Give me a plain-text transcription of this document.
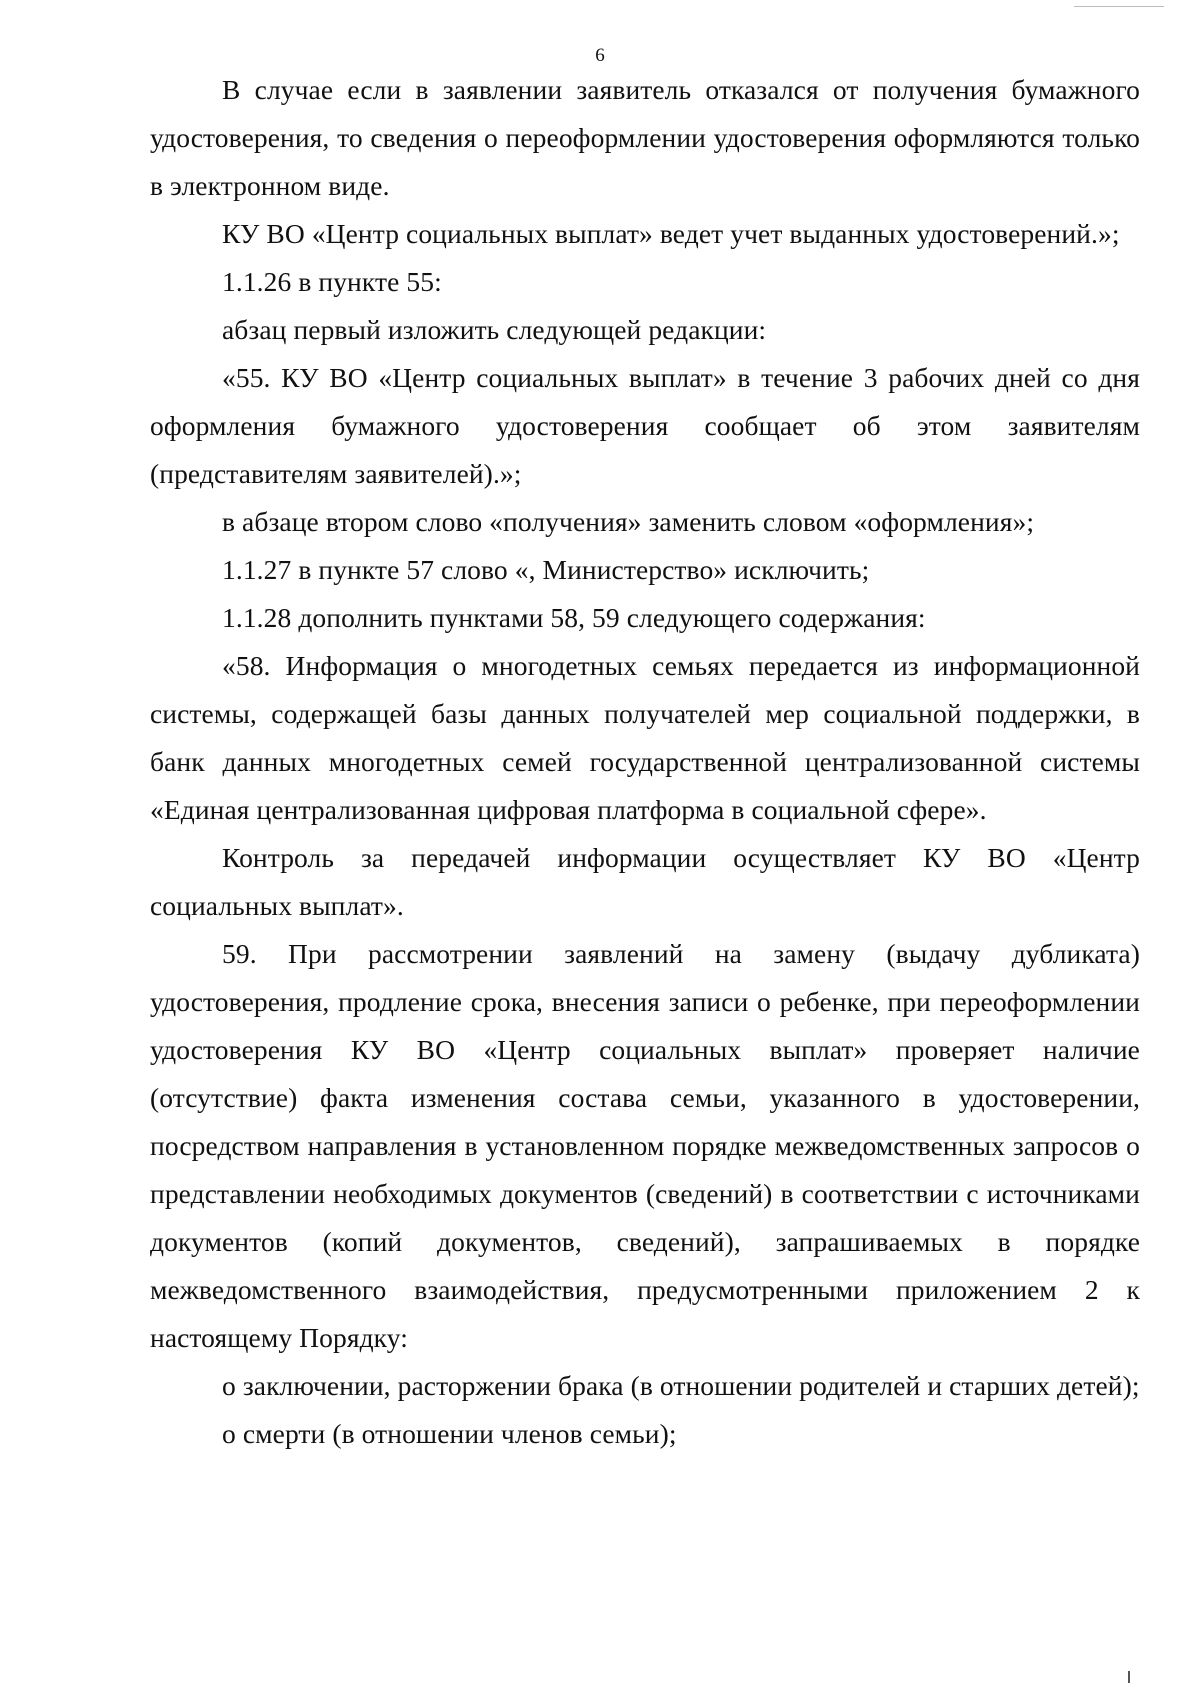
6

В случае если в заявлении заявитель отказался от получения бумажного удостоверения, то сведения о переоформлении удостоверения оформляются только в электронном виде.

КУ ВО «Центр социальных выплат» ведет учет выданных удостоверений.»;

1.1.26 в пункте 55:

абзац первый изложить следующей редакции:

«55. КУ ВО «Центр социальных выплат» в течение 3 рабочих дней со дня оформления бумажного удостоверения сообщает об этом заявителям (представителям заявителей).»;

в абзаце втором слово «получения» заменить словом «оформления»;

1.1.27 в пункте 57 слово «, Министерство» исключить;

1.1.28 дополнить пунктами 58, 59 следующего содержания:

«58. Информация о многодетных семьях передается из информационной системы, содержащей базы данных получателей мер социальной поддержки, в банк данных многодетных семей государственной централизованной системы «Единая централизованная цифровая платформа в социальной сфере».

Контроль за передачей информации осуществляет КУ ВО «Центр социальных выплат».

59. При рассмотрении заявлений на замену (выдачу дубликата) удостоверения, продление срока, внесения записи о ребенке, при переоформлении удостоверения КУ ВО «Центр социальных выплат» проверяет наличие (отсутствие) факта изменения состава семьи, указанного в удостоверении, посредством направления в установленном порядке межведомственных запросов о представлении необходимых документов (сведений) в соответствии с источниками документов (копий документов, сведений), запрашиваемых в порядке межведомственного взаимодействия, предусмотренными приложением 2 к настоящему Порядку:

о заключении, расторжении брака (в отношении родителей и старших детей);

о смерти (в отношении членов семьи);
